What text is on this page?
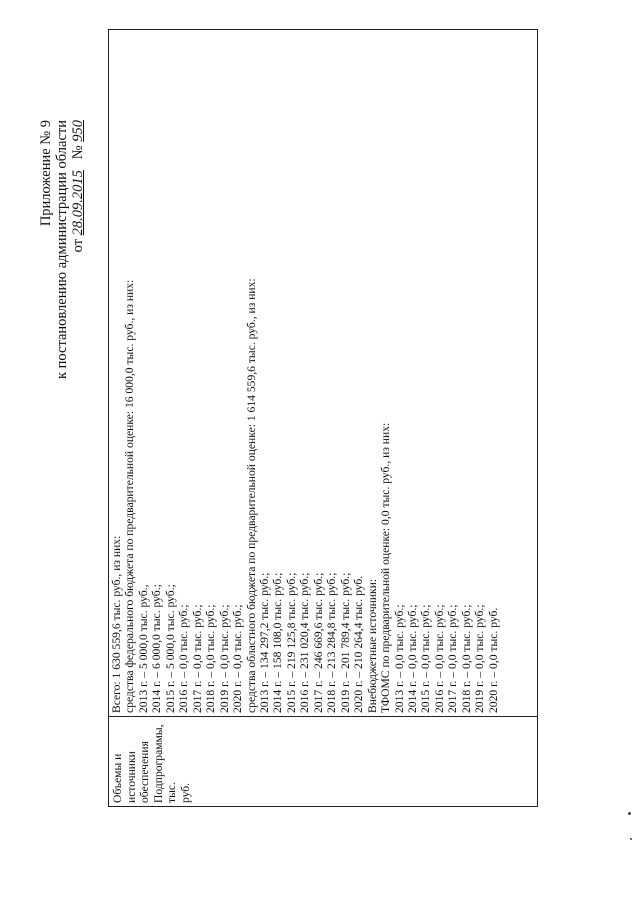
Приложение № 9 к постановлению администрации области от 28.09.2015   № 950
Объемы и источники обеспечения Подпрограммы, тыс. руб.
Всего: 1 630 559,6 тыс. руб., из них: средства федерального бюджета по предварительной оценке: 16 000,0 тыс. руб., из них: 2013 г. – 5 000,0 тыс. руб., 2014 г. – 6 000,0 тыс. руб.; 2015 г. – 5 000,0 тыс. руб.; 2016 г. – 0,0 тыс. руб.; 2017 г. – 0,0 тыс. руб.; 2018 г. – 0,0 тыс. руб.; 2019 г. – 0,0 тыс. руб.; 2020 г. – 0,0 тыс. руб.; средства областного бюджета по предварительной оценке: 1 614 559,6 тыс. руб., из них: 2013 г. – 134 297,2 тыс. руб.; 2014 г. – 158 108,0 тыс. руб.; 2015 г. – 219 125,8 тыс. руб.; 2016 г. – 231 020,4 тыс. руб.; 2017 г. – 246 669,6 тыс. руб.; 2018 г. – 213 284,8 тыс. руб.; 2019 г. – 201 789,4 тыс. руб.; 2020 г. – 210 264,4 тыс. руб. Внебюджетные источники: ТФОМС по предварительной оценке: 0,0 тыс. руб., из них: 2013 г. – 0,0 тыс. руб.; 2014 г. – 0,0 тыс. руб.; 2015 г. – 0,0 тыс. руб.; 2016 г. – 0,0 тыс. руб.; 2017 г. – 0,0 тыс. руб.; 2018 г. – 0,0 тыс. руб.; 2019 г. – 0,0 тыс. руб.; 2020 г. – 0,0 тыс. руб.
